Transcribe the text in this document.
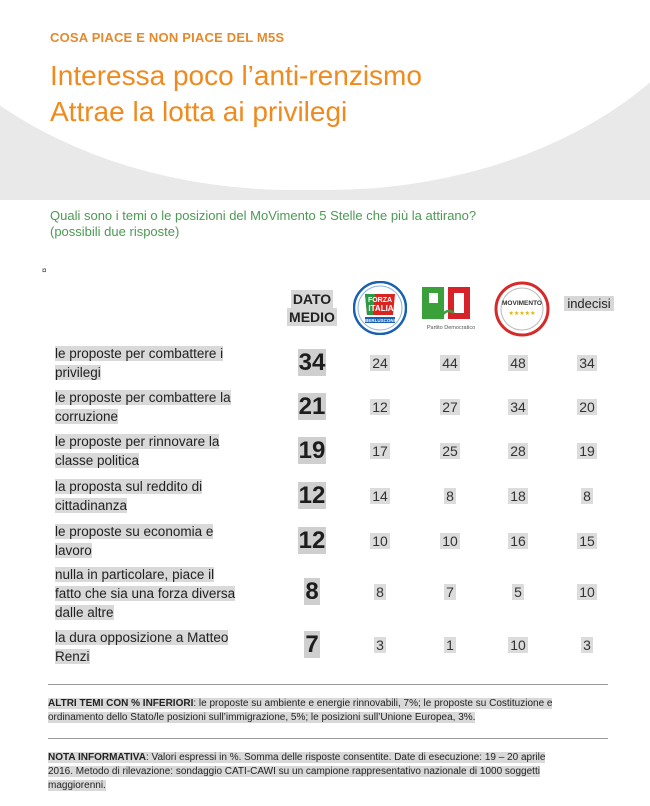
COSA PIACE E NON PIACE DEL M5S
Interessa poco l’anti-renzismo
Attrae la lotta ai privilegi
Quali sono i temi o le posizioni del MoVimento 5 Stelle che più la attirano?
(possibili due risposte)
¤
DATO
MEDIO
FORZA
ITALIA
BERLUSCONI
Partito Democratico
MOVIMENTO
★★★★★
indecisi
le proposte per combattere i
privilegi	34	24	44	48	34
le proposte per combattere la
corruzione	21	12	27	34	20
le proposte per rinnovare la
classe politica	19	17	25	28	19
la proposta sul reddito di
cittadinanza	12	14	8	18	8
le proposte su economia e
lavoro	12	10	10	16	15
nulla in particolare, piace il
fatto che sia una forza diversa
dalle altre
8	8	7	5	10
la dura opposizione a Matteo
Renzi	7	3	1	10	3
ALTRI TEMI CON % INFERIORI: le proposte su ambiente e energie rinnovabili, 7%; le proposte su Costituzione e
ordinamento dello Stato/le posizioni sull’immigrazione, 5%; le posizioni sull’Unione Europea, 3%.
NOTA INFORMATIVA: Valori espressi in %. Somma delle risposte consentite. Date di esecuzione: 19 – 20 aprile
2016. Metodo di rilevazione: sondaggio CATI-CAWI su un campione rappresentativo nazionale di 1000 soggetti
maggiorenni.
